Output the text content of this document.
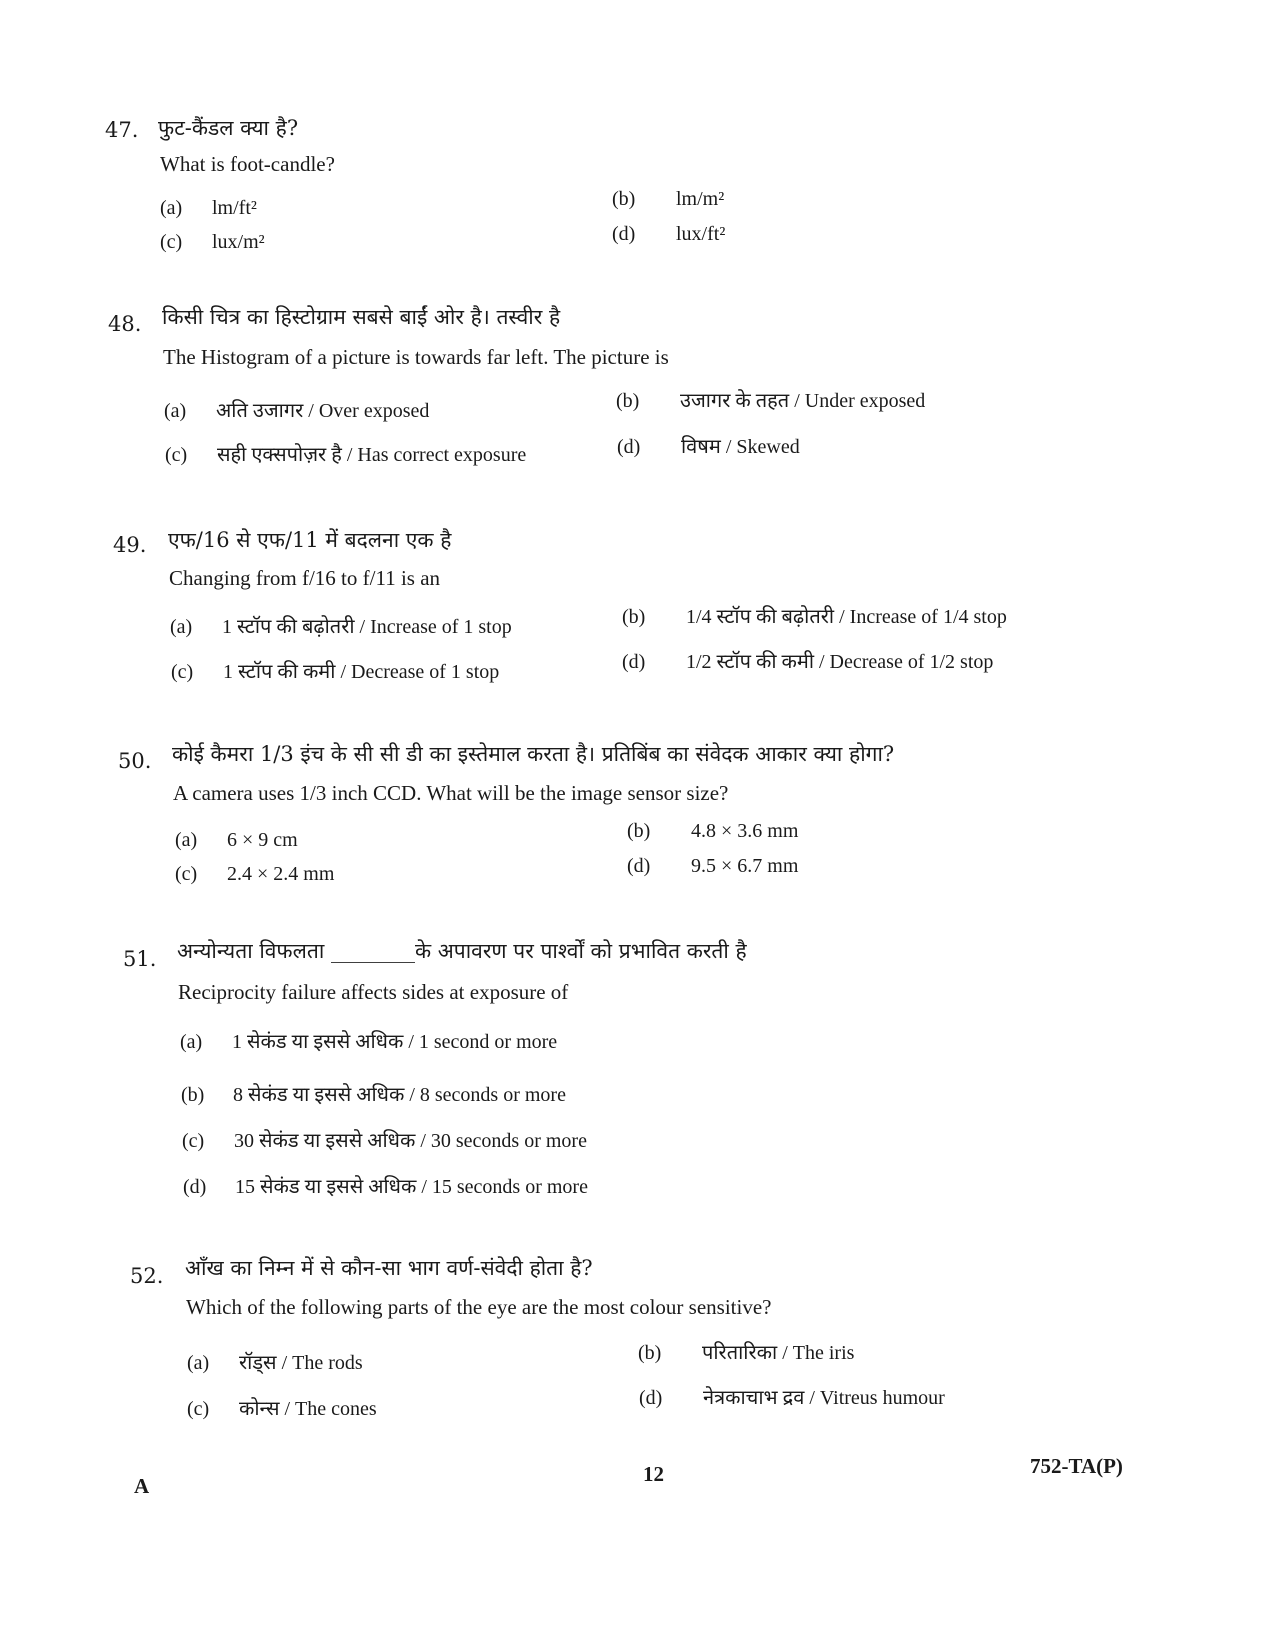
47. फुट-कैंडल क्या है?
What is foot-candle?
(a) lm/ft²	(b) lm/m²
(c) lux/m²	(d) lux/ft²
48. किसी चित्र का हिस्टोग्राम सबसे बाईं ओर है। तस्वीर है
The Histogram of a picture is towards far left. The picture is
(a) अति उजागर / Over exposed	(b) उजागर के तहत / Under exposed
(c) सही एक्सपोज़र है / Has correct exposure	(d) विषम / Skewed
49. एफ/16 से एफ/11 में बदलना एक है
Changing from f/16 to f/11 is an
(a) 1 स्टॉप की बढ़ोतरी / Increase of 1 stop	(b) 1/4 स्टॉप की बढ़ोतरी / Increase of 1/4 stop
(c) 1 स्टॉप की कमी / Decrease of 1 stop	(d) 1/2 स्टॉप की कमी / Decrease of 1/2 stop
50. कोई कैमरा 1/3 इंच के सी सी डी का इस्तेमाल करता है। प्रतिबिंब का संवेदक आकार क्या होगा?
A camera uses 1/3 inch CCD. What will be the image sensor size?
(a) 6 × 9 cm	(b) 4.8 × 3.6 mm
(c) 2.4 × 2.4 mm	(d) 9.5 × 6.7 mm
51. अन्योन्यता विफलता ________के अपावरण पर पार्श्वों को प्रभावित करती है
Reciprocity failure affects sides at exposure of
(a) 1 सेकंड या इससे अधिक / 1 second or more
(b) 8 सेकंड या इससे अधिक / 8 seconds or more
(c) 30 सेकंड या इससे अधिक / 30 seconds or more
(d) 15 सेकंड या इससे अधिक / 15 seconds or more
52. आँख का निम्न में से कौन-सा भाग वर्ण-संवेदी होता है?
Which of the following parts of the eye are the most colour sensitive?
(a) रॉड्स / The rods	(b) परितारिका / The iris
(c) कोन्स / The cones	(d) नेत्रकाचाभ द्रव / Vitreus humour
A	12	752-TA(P)
